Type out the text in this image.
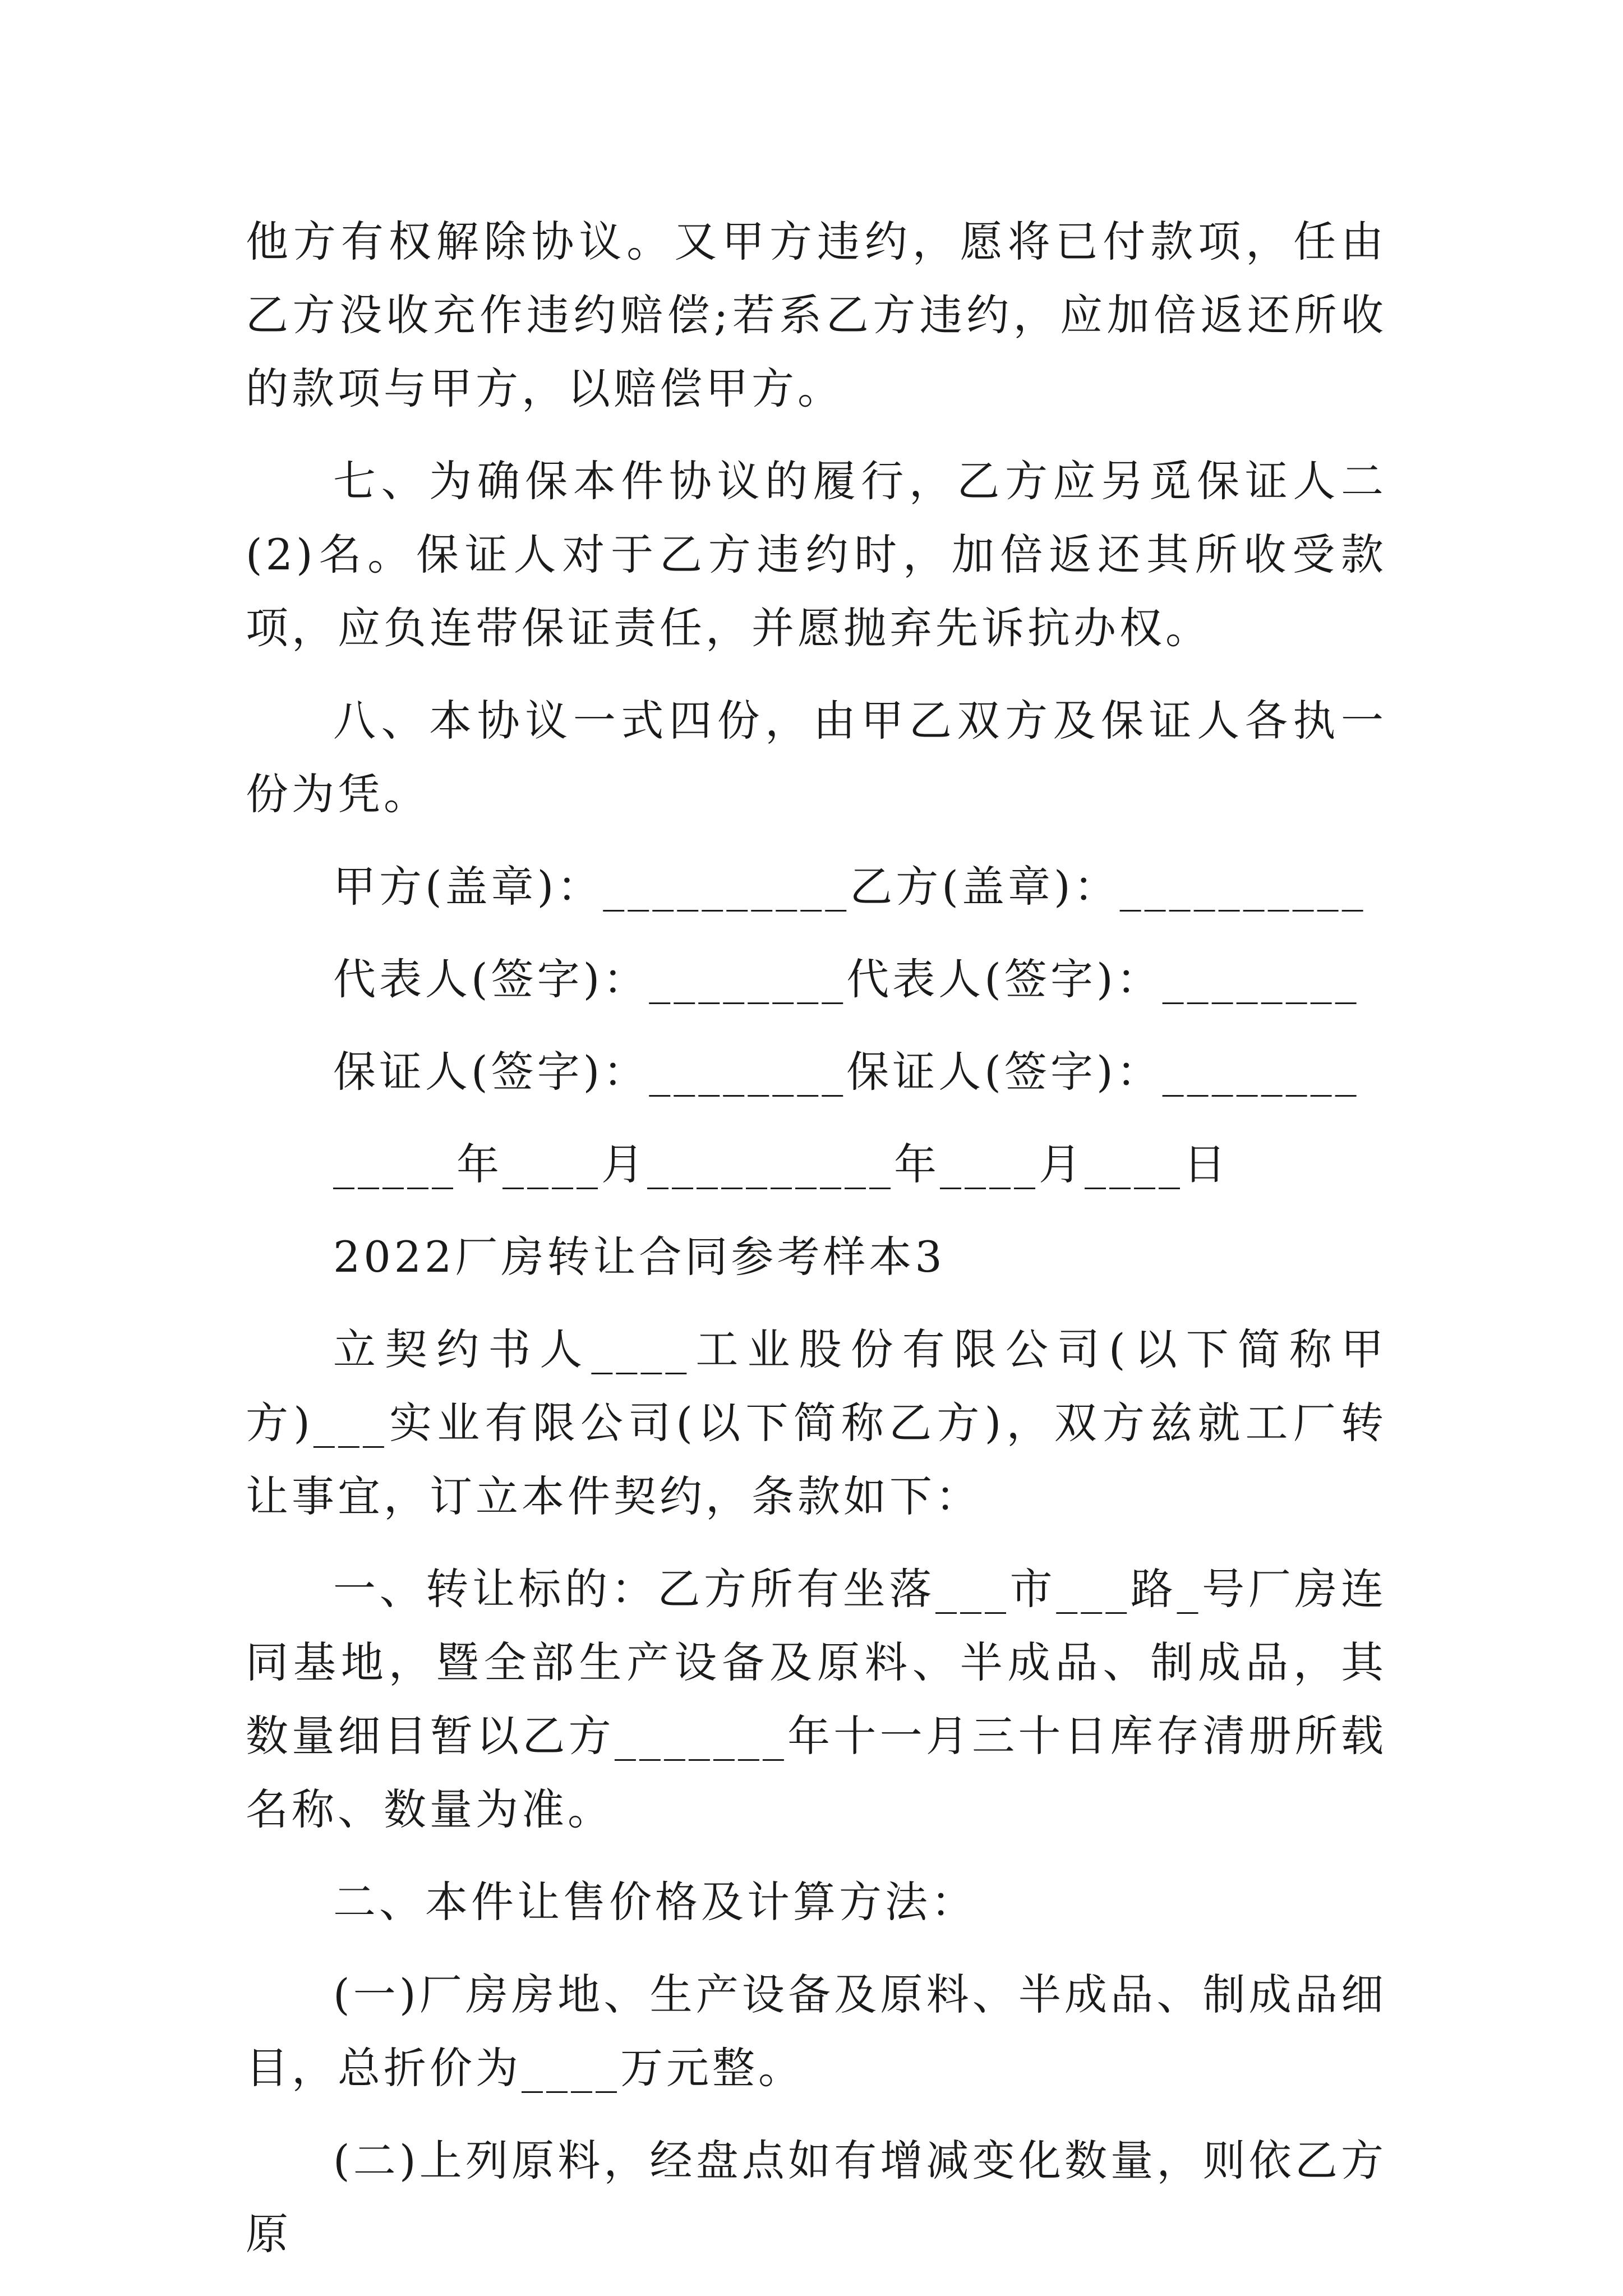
他方有权解除协议。又甲方违约，愿将已付款项，任由乙方没收充作违约赔偿;若系乙方违约，应加倍返还所收的款项与甲方，以赔偿甲方。

七、为确保本件协议的履行，乙方应另觅保证人二(2)名。保证人对于乙方违约时，加倍返还其所收受款项，应负连带保证责任，并愿抛弃先诉抗办权。

八、本协议一式四份，由甲乙双方及保证人各执一份为凭。

甲方(盖章)：__________乙方(盖章)：__________

代表人(签字)：________代表人(签字)：________

保证人(签字)：________保证人(签字)：________

_____年____月__________年____月____日

2022厂房转让合同参考样本3

立契约书人____工业股份有限公司(以下简称甲方)___实业有限公司(以下简称乙方)，双方兹就工厂转让事宜，订立本件契约，条款如下：

一、转让标的：乙方所有坐落___市___路_号厂房连同基地，暨全部生产设备及原料、半成品、制成品，其数量细目暂以乙方_______年十一月三十日库存清册所载名称、数量为准。

二、本件让售价格及计算方法：

(一)厂房房地、生产设备及原料、半成品、制成品细目，总折价为____万元整。

(二)上列原料，经盘点如有增减变化数量，则依乙方原
